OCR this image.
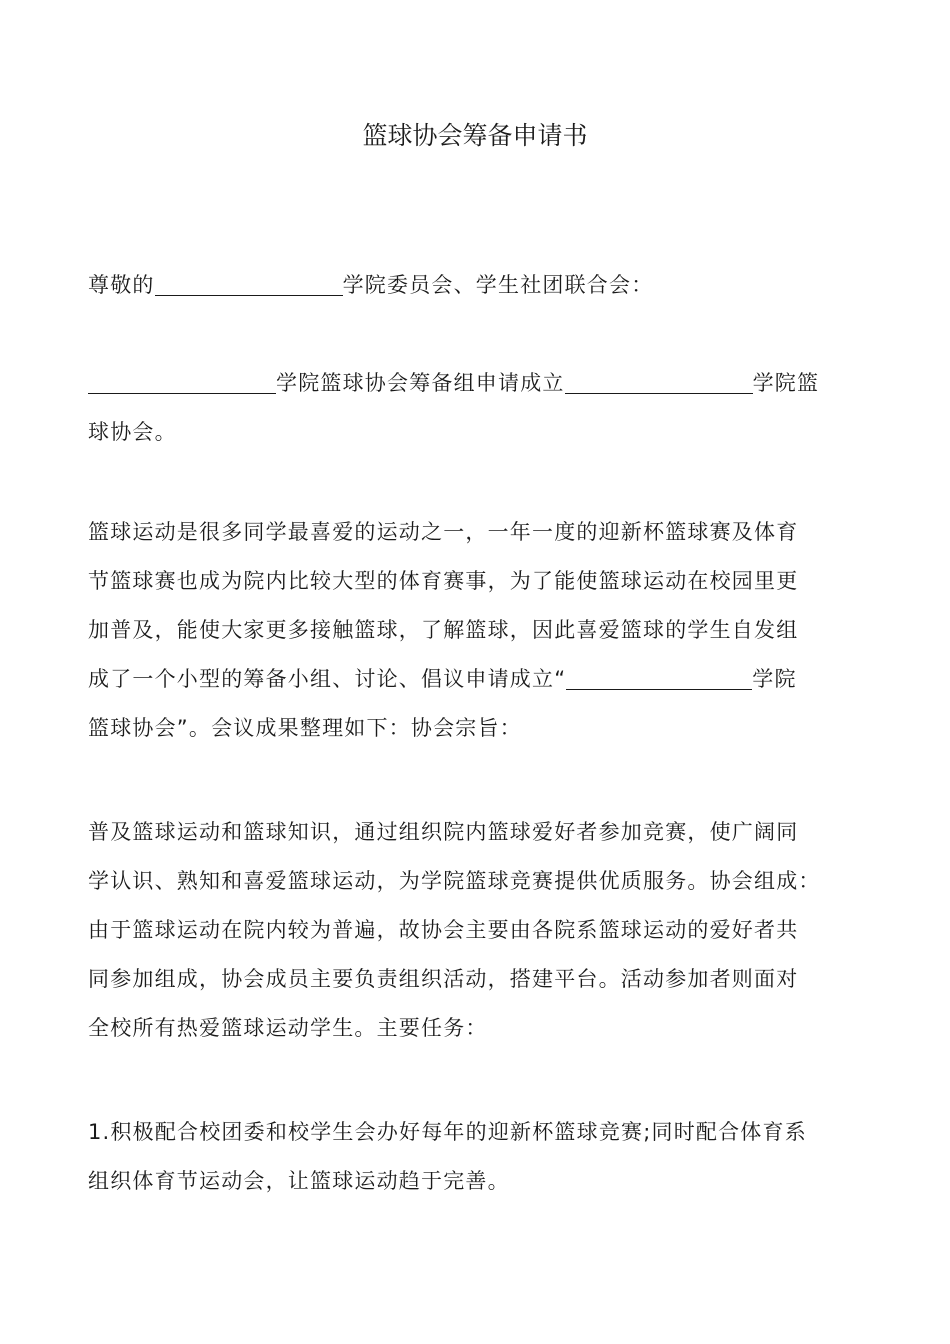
篮球协会筹备申请书
尊敬的	学院委员会、学生社团联合会：
学院篮球协会筹备组申请成立	学院篮
球协会。
篮球运动是很多同学最喜爱的运动之一，一年一度的迎新杯篮球赛及体育
节篮球赛也成为院内比较大型的体育赛事，为了能使篮球运动在校园里更
加普及，能使大家更多接触篮球，了解篮球，因此喜爱篮球的学生自发组
成了一个小型的筹备小组、讨论、倡议申请成立“	学院
篮球协会”。会议成果整理如下：协会宗旨：
普及篮球运动和篮球知识，通过组织院内篮球爱好者参加竞赛，使广阔同
学认识、熟知和喜爱篮球运动，为学院篮球竞赛提供优质服务。协会组成：
由于篮球运动在院内较为普遍，故协会主要由各院系篮球运动的爱好者共
同参加组成，协会成员主要负责组织活动，搭建平台。活动参加者则面对
全校所有热爱篮球运动学生。主要任务：
1.积极配合校团委和校学生会办好每年的迎新杯篮球竞赛;同时配合体育系
组织体育节运动会，让篮球运动趋于完善。
